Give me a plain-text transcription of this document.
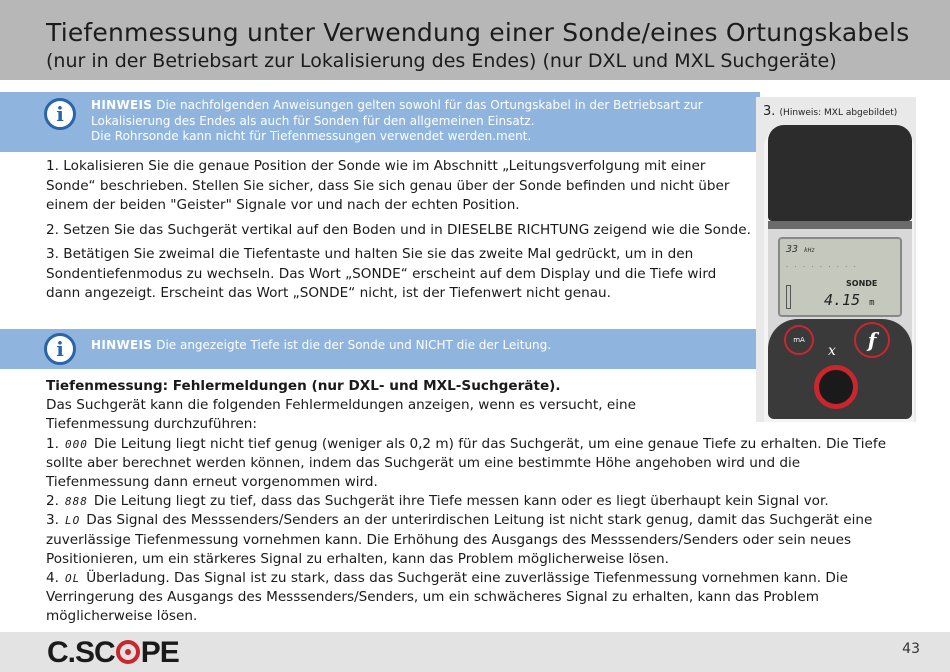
Tiefenmessung unter Verwendung einer Sonde/eines Ortungskabels
(nur in der Betriebsart zur Lokalisierung des Endes) (nur DXL und MXL Suchgeräte)
i	HINWEIS Die nachfolgenden Anweisungen gelten sowohl für das Ortungskabel in der Betriebsart zur Lokalisierung des Endes als auch für Sonden für den allgemeinen Einsatz.
Die Rohrsonde kann nicht für Tiefenmessungen verwendet werden.ment.

1. Lokalisieren Sie die genaue Position der Sonde wie im Abschnitt „Leitungsverfolgung mit einer Sonde“ beschrieben. Stellen Sie sicher, dass Sie sich genau über der Sonde befinden und nicht über einem der beiden "Geister" Signale vor und nach der echten Position.

2. Setzen Sie das Suchgerät vertikal auf den Boden und in DIESELBE RICHTUNG zeigend wie die Sonde.

3. Betätigen Sie zweimal die Tiefentaste und halten Sie sie das zweite Mal gedrückt, um in den Sondentiefenmodus zu wechseln. Das Wort „SONDE“ erscheint auf dem Display und die Tiefe wird dann angezeigt. Erscheint das Wort „SONDE“ nicht, ist der Tiefenwert nicht genau.

i	HINWEIS Die angezeigte Tiefe ist die der Sonde und NICHT die der Leitung.
Tiefenmessung: Fehlermeldungen (nur DXL- und MXL-Suchgeräte).
Das Suchgerät kann die folgenden Fehlermeldungen anzeigen, wenn es versucht, eine Tiefenmessung durchzuführen:
1. 000 Die Leitung liegt nicht tief genug (weniger als 0,2 m) für das Suchgerät, um eine genaue Tiefe zu erhalten. Die Tiefe sollte aber berechnet werden können, indem das Suchgerät um eine bestimmte Höhe angehoben wird und die Tiefenmessung dann erneut vorgenommen wird.
2. 888 Die Leitung liegt zu tief, dass das Suchgerät ihre Tiefe messen kann oder es liegt überhaupt kein Signal vor.
3. LO Das Signal des Messsenders/Senders an der unterirdischen Leitung ist nicht stark genug, damit das Suchgerät eine zuverlässige Tiefenmessung vornehmen kann. Die Erhöhung des Ausgangs des Messsenders/Senders oder sein neues Positionieren, um ein stärkeres Signal zu erhalten, kann das Problem möglicherweise lösen.
4. OL Überladung. Das Signal ist zu stark, dass das Suchgerät eine zuverlässige Tiefenmessung vornehmen kann. Die Verringerung des Ausgangs des Messsenders/Senders, um ein schwächeres Signal zu erhalten, kann das Problem möglicherweise lösen.
33 kHz
· · · · · · · · ·
SONDE
4.15 m
mA	f
x
3. (Hinweis: MXL abgebildet)
C.SC PE	43
